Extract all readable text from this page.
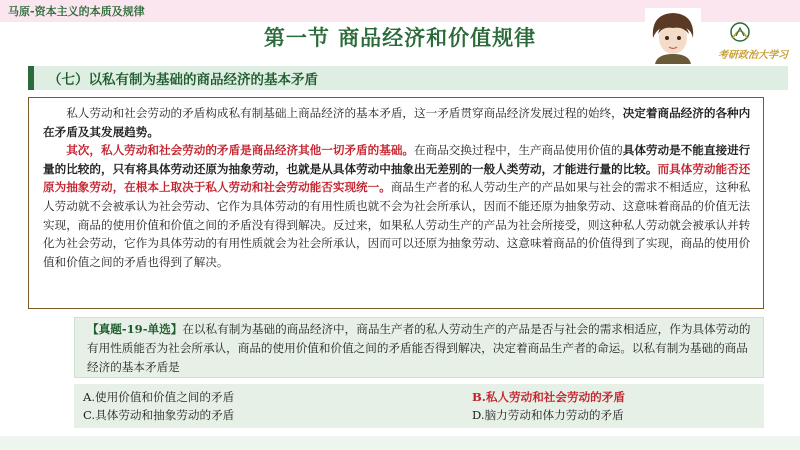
马原-资本主义的本质及规律
第一节 商品经济和价值规律
考研政治大学习
（七）以私有制为基础的商品经济的基本矛盾

私人劳动和社会劳动的矛盾构成私有制基础上商品经济的基本矛盾，这一矛盾贯穿商品经济发展过程的始终，决定着商品经济的各种内在矛盾及其发展趋势。

其次，私人劳动和社会劳动的矛盾是商品经济其他一切矛盾的基础。在商品交换过程中，生产商品使用价值的具体劳动是不能直接进行量的比较的，只有将具体劳动还原为抽象劳动，也就是从具体劳动中抽象出无差别的一般人类劳动，才能进行量的比较。而具体劳动能否还原为抽象劳动，在根本上取决于私人劳动和社会劳动能否实现统一。商品生产者的私人劳动生产的产品如果与社会的需求不相适应，这种私人劳动就不会被承认为社会劳动、它作为具体劳动的有用性质也就不会为社会所承认，因而不能还原为抽象劳动、这意味着商品的价值无法实现，商品的使用价值和价值之间的矛盾没有得到解决。反过来，如果私人劳动生产的产品为社会所接受，则这种私人劳动就会被承认并转化为社会劳动，它作为具体劳动的有用性质就会为社会所承认，因而可以还原为抽象劳动、这意味着商品的价值得到了实现，商品的使用价值和价值之间的矛盾也得到了解决。

【真题-19-单选】在以私有制为基础的商品经济中，商品生产者的私人劳动生产的产品是否与社会的需求相适应，作为具体劳动的有用性质能否为社会所承认，商品的使用价值和价值之间的矛盾能否得到解决，决定着商品生产者的命运。以私有制为基础的商品经济的基本矛盾是
A.使用价值和价值之间的矛盾	B.私人劳动和社会劳动的矛盾
C.具体劳动和抽象劳动的矛盾	D.脑力劳动和体力劳动的矛盾
